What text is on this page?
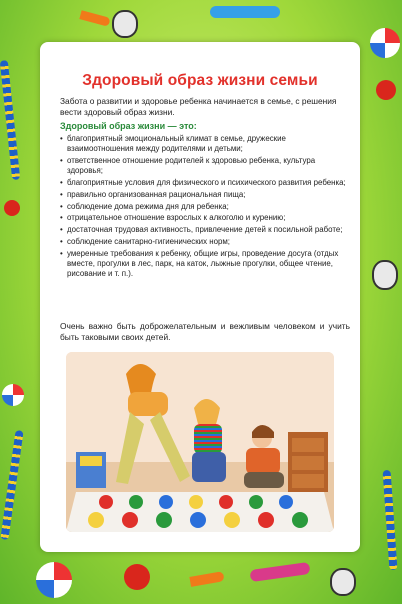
Здоровый образ жизни семьи
Забота о развитии и здоровье ребенка начинается в семье, с решения вести здоровый образ жизни.
Здоровый образ жизни — это:
• благоприятный эмоциональный климат в семье, дружеские взаимоотношения между родителями и детьми;
• ответственное отношение родителей к здоровью ребенка, культура здоровья;
• благоприятные условия для физического и психического развития ребенка;
• правильно организованная рациональная пища;
• соблюдение дома режима дня для ребенка;
• отрицательное отношение взрослых к алкоголю и курению;
• достаточная трудовая активность, привлечение детей к посильной работе;
• соблюдение санитарно-гигиенических норм;
• умеренные требования к ребенку, общие игры, проведение досуга (отдых вместе, прогулки в лес, парк, на каток, лыжные прогулки, общее чтение, рисование и т. п.).
Очень важно быть доброжелательным и вежливым человеком и учить быть таковыми своих детей.
